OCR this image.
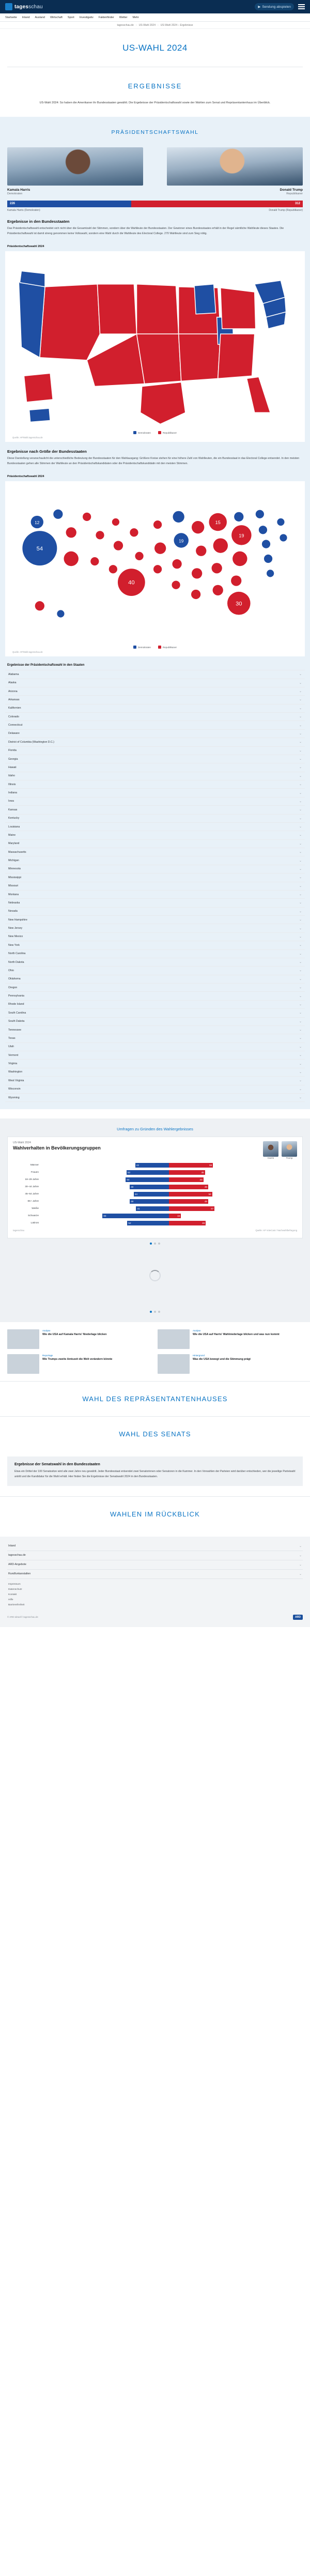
tagesschau	▶ Sendung abspielen
Startseite Inland Ausland Wirtschaft Sport Investigativ Faktenfinder Wetter Mehr
tagesschau.de › US-Wahl 2024 › US-Wahl 2024 – Ergebnisse
US-WAHL 2024
ERGEBNISSE

US-Wahl 2024: So haben die Amerikaner ihr Bundesstaaten gewählt. Die Ergebnisse der Präsidentschaftswahl sowie der Wahlen zum Senat und Repräsentantenhaus im Überblick.

PRÄSIDENTSCHAFTSWAHL
Kamala Harris
Demokraten
Donald Trump
Republikaner
226	312
Kamala Harris (Demokraten)	Donald Trump (Republikaner)
Ergebnisse in den Bundesstaaten
Das Präsidentschaftswahl entscheidet sich nicht über die Gesamtzahl der Stimmen, sondern über die Wahlleute der Bundesstaaten. Der Gewinner eines Bundesstaates erhält in der Regel sämtliche Wahlleute dieses Staates. Die Präsidentschaftswahl ist damit streng genommen keine Volkswahl, sondern eine Wahl durch die Wahlleute des Electoral College. 270 Wahlleute sind zum Sieg nötig.
Präsidentschaftswahl 2024
Demokraten	Republikaner
Quelle: AP/Wahl.tagesschau.de
Ergebnisse nach Größe der Bundesstaaten
Diese Darstellung veranschaulicht die unterschiedliche Bedeutung der Bundesstaaten für den Wahlausgang: Größere Kreise stehen für eine höhere Zahl von Wahlleuten, die ein Bundesstaat in das Electoral College entsendet. In den meisten Bundesstaaten gehen alle Stimmen der Wahlleute an den Präsidentschaftskandidaten oder die Präsidentschaftskandidatin mit den meisten Stimmen.
Präsidentschaftswahl 2024
54
12
40
19
15
19
30
Demokraten	Republikaner
Quelle: AP/Wahl.tagesschau.de
Ergebnisse der Präsidentschaftswahl in den Staaten
Alabama	⌄
Alaska	⌄
Arizona	⌄
Arkansas	⌄
Kalifornien	⌄
Colorado	⌄
Connecticut	⌄
Delaware	⌄
District of Columbia (Washington D.C.)	⌄
Florida	⌄
Georgia	⌄
Hawaii	⌄
Idaho	⌄
Illinois	⌄
Indiana	⌄
Iowa	⌄
Kansas	⌄
Kentucky	⌄
Louisiana	⌄
Maine	⌄
Maryland	⌄
Massachusetts	⌄
Michigan	⌄
Minnesota	⌄
Mississippi	⌄
Missouri	⌄
Montana	⌄
Nebraska	⌄
Nevada	⌄
New Hampshire	⌄
New Jersey	⌄
New Mexico	⌄
New York	⌄
North Carolina	⌄
North Dakota	⌄
Ohio	⌄
Oklahoma	⌄
Oregon	⌄
Pennsylvania	⌄
Rhode Island	⌄
South Carolina	⌄
South Dakota	⌄
Tennessee	⌄
Texas	⌄
Utah	⌄
Vermont	⌄
Virginia	⌄
Washington	⌄
West Virginia	⌄
Wisconsin	⌄
Wyoming	⌄
Umfragen zu Gründen des Wahlergebnisses
US-Wahl 2024
Wahlverhalten in Bevölkerungsgruppen
Harris	Trump
Männer	42	55
Frauen	53	45
18–29 Jahre	54	43
30–44 Jahre	49	49
45–64 Jahre	44	54
65+ Jahre	49	49
Weiße	41	57
Schwarze	83	15
Latinos	52	46
tagesschau	Quelle: AP VoteCast / Nachwahlbefragung
Analyse
Wie die USA auf Kamala Harris' Niederlage blicken
Analyse
Wie die USA auf Harris' Wahlniederlage blicken und was nun kommt
Reportage
Wie Trumps zweite Amtszeit die Welt verändern könnte
Hintergrund
Was die USA bewegt und die Stimmung prägt
WAHL DES REPRÄSENTANTENHAUSES
WAHL DES SENATS
Ergebnisse der Senatswahl in den Bundesstaaten

Etwa ein Drittel der 100 Senatssitze wird alle zwei Jahre neu gewählt. Jeder Bundesstaat entsendet zwei Senatorinnen oder Senatoren in die Kammer. In den Vorwahlen der Parteien wird darüber entschieden, wer die jeweilige Parteiwahl antritt und die Kandidatur für die Wahl erhält. Hier finden Sie die Ergebnisse der Senatswahl 2024 in den Bundesstaaten.

WAHLEN IM RÜCKBLICK
Inland	⌄
tagesschau.de	⌄
ARD-Angebote	⌄
Rundfunkanstalten	⌄
Impressum
Datenschutz
Kontakt
Hilfe
Barrierefreiheit
© ARD-aktuell / tagesschau.de	ARD
